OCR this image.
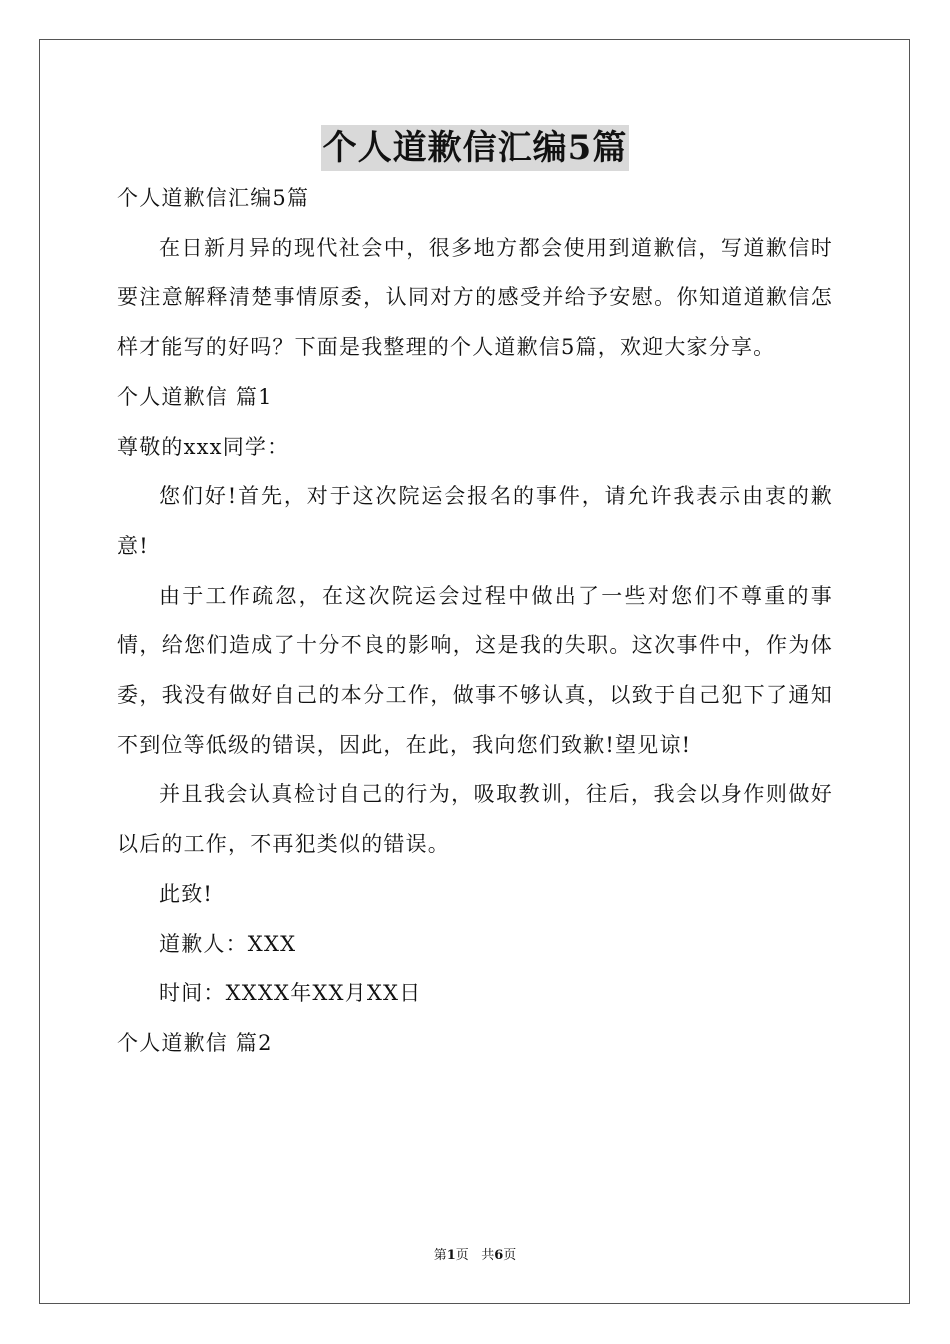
个人道歉信汇编5篇

个人道歉信汇编5篇

在日新月异的现代社会中，很多地方都会使用到道歉信，写道歉信时要注意解释清楚事情原委，认同对方的感受并给予安慰。你知道道歉信怎样才能写的好吗？下面是我整理的个人道歉信5篇，欢迎大家分享。

个人道歉信 篇1

尊敬的xxx同学：

您们好!首先，对于这次院运会报名的事件，请允许我表示由衷的歉意!

由于工作疏忽，在这次院运会过程中做出了一些对您们不尊重的事情，给您们造成了十分不良的影响，这是我的失职。这次事件中，作为体委，我没有做好自己的本分工作，做事不够认真，以致于自己犯下了通知不到位等低级的错误，因此，在此，我向您们致歉!望见谅!

并且我会认真检讨自己的行为，吸取教训，往后，我会以身作则做好以后的工作，不再犯类似的错误。

此致!

道歉人：XXX

时间：XXXX年XX月XX日

个人道歉信 篇2

第1页 共6页
